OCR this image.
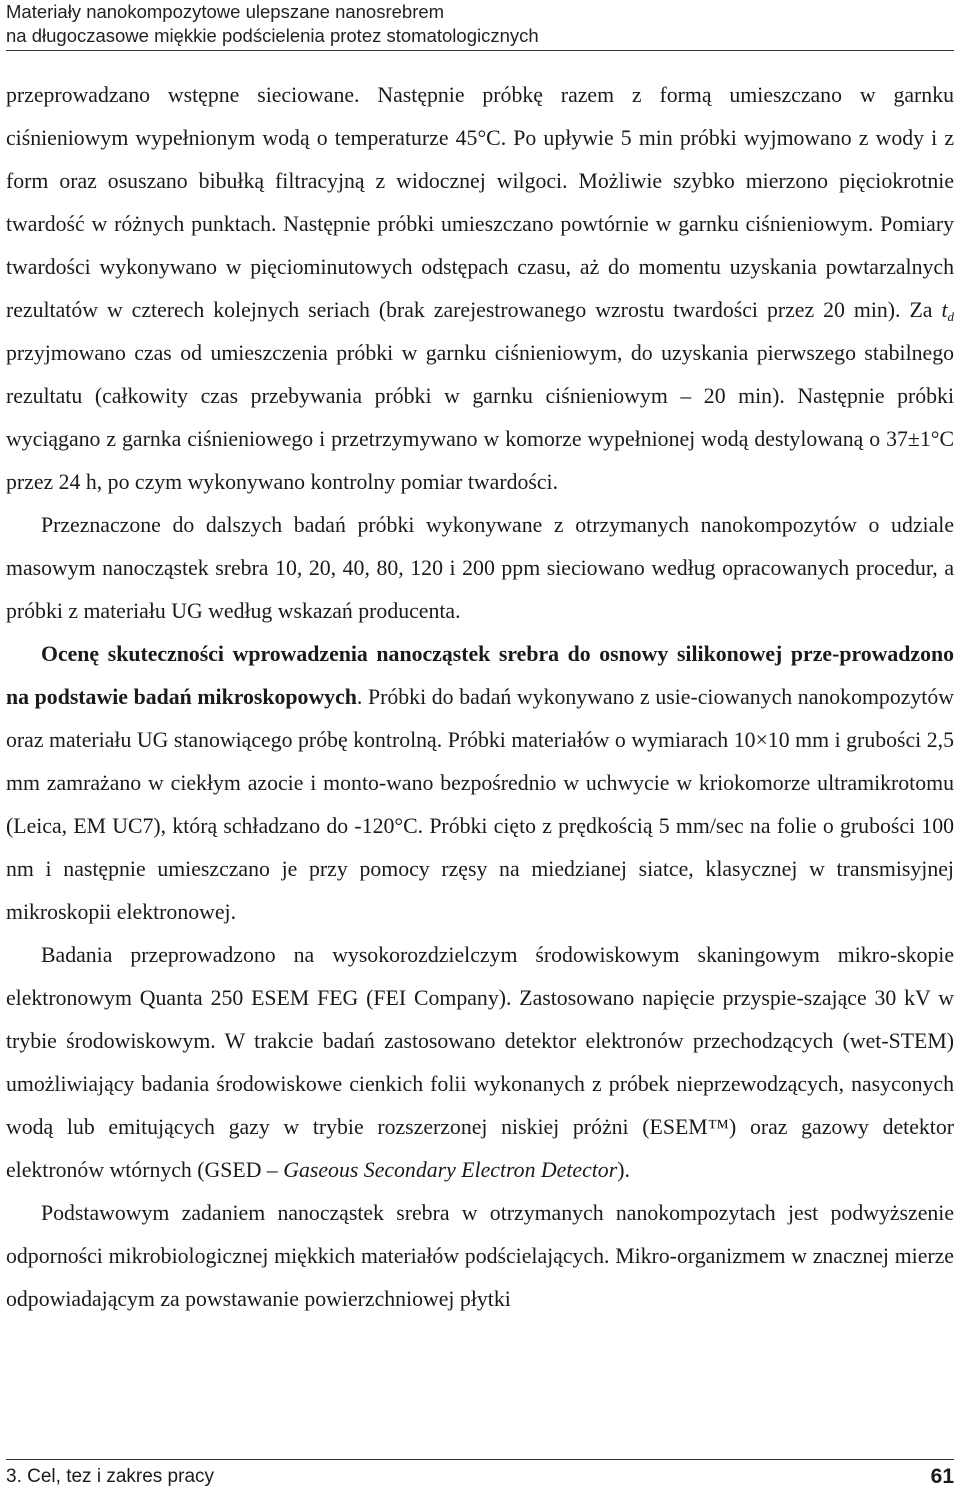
Materiały nanokompozytowe ulepszane nanosrebrem
na długoczasowe miękkie podścielenia protez stomatologicznych

przeprowadzano wstępne sieciowane. Następnie próbkę razem z formą umieszczano w garnku ciśnieniowym wypełnionym wodą o temperaturze 45°C. Po upływie 5 min próbki wyjmowano z wody i z form oraz osuszano bibułką filtracyjną z widocznej wilgoci. Możliwie szybko mierzono pięciokrotnie twardość w różnych punktach. Następnie próbki umieszczano powtórnie w garnku ciśnieniowym. Pomiary twardości wykonywano w pięciominutowych odstępach czasu, aż do momentu uzyskania powtarzalnych rezultatów w czterech kolejnych seriach (brak zarejestrowanego wzrostu twardości przez 20 min). Za $t_d$ przyjmowano czas od umieszczenia próbki w garnku ciśnieniowym, do uzyskania pierwszego stabilnego rezultatu (całkowity czas przebywania próbki w garnku ciśnieniowym – 20 min). Następnie próbki wyciągano z garnka ciśnieniowego i przetrzymywano w komorze wypełnionej wodą destylowaną o 37±1°C przez 24 h, po czym wykonywano kontrolny pomiar twardości.

Przeznaczone do dalszych badań próbki wykonywane z otrzymanych nanokompozytów o udziale masowym nanocząstek srebra 10, 20, 40, 80, 120 i 200 ppm sieciowano według opracowanych procedur, a próbki z materiału UG według wskazań producenta.

Ocenę skuteczności wprowadzenia nanocząstek srebra do osnowy silikonowej prze-prowadzono na podstawie badań mikroskopowych. Próbki do badań wykonywano z usie-ciowanych nanokompozytów oraz materiału UG stanowiącego próbę kontrolną. Próbki materiałów o wymiarach 10×10 mm i grubości 2,5 mm zamrażano w ciekłym azocie i monto-wano bezpośrednio w uchwycie w kriokomorze ultramikrotomu (Leica, EM UC7), którą schładzano do -120°C. Próbki cięto z prędkością 5 mm/sec na folie o grubości 100 nm i następnie umieszczano je przy pomocy rzęsy na miedzianej siatce, klasycznej w transmisyjnej mikroskopii elektronowej.

Badania przeprowadzono na wysokorozdzielczym środowiskowym skaningowym mikro-skopie elektronowym Quanta 250 ESEM FEG (FEI Company). Zastosowano napięcie przyspie-szające 30 kV w trybie środowiskowym. W trakcie badań zastosowano detektor elektronów przechodzących (wet-STEM) umożliwiający badania środowiskowe cienkich folii wykonanych z próbek nieprzewodzących, nasyconych wodą lub emitujących gazy w trybie rozszerzonej niskiej próżni (ESEM™) oraz gazowy detektor elektronów wtórnych (GSED – Gaseous Secondary Electron Detector).

Podstawowym zadaniem nanocząstek srebra w otrzymanych nanokompozytach jest podwyższenie odporności mikrobiologicznej miękkich materiałów podścielających. Mikro-organizmem w znacznej mierze odpowiadającym za powstawanie powierzchniowej płytki

3. Cel, tez i zakres pracy	61
